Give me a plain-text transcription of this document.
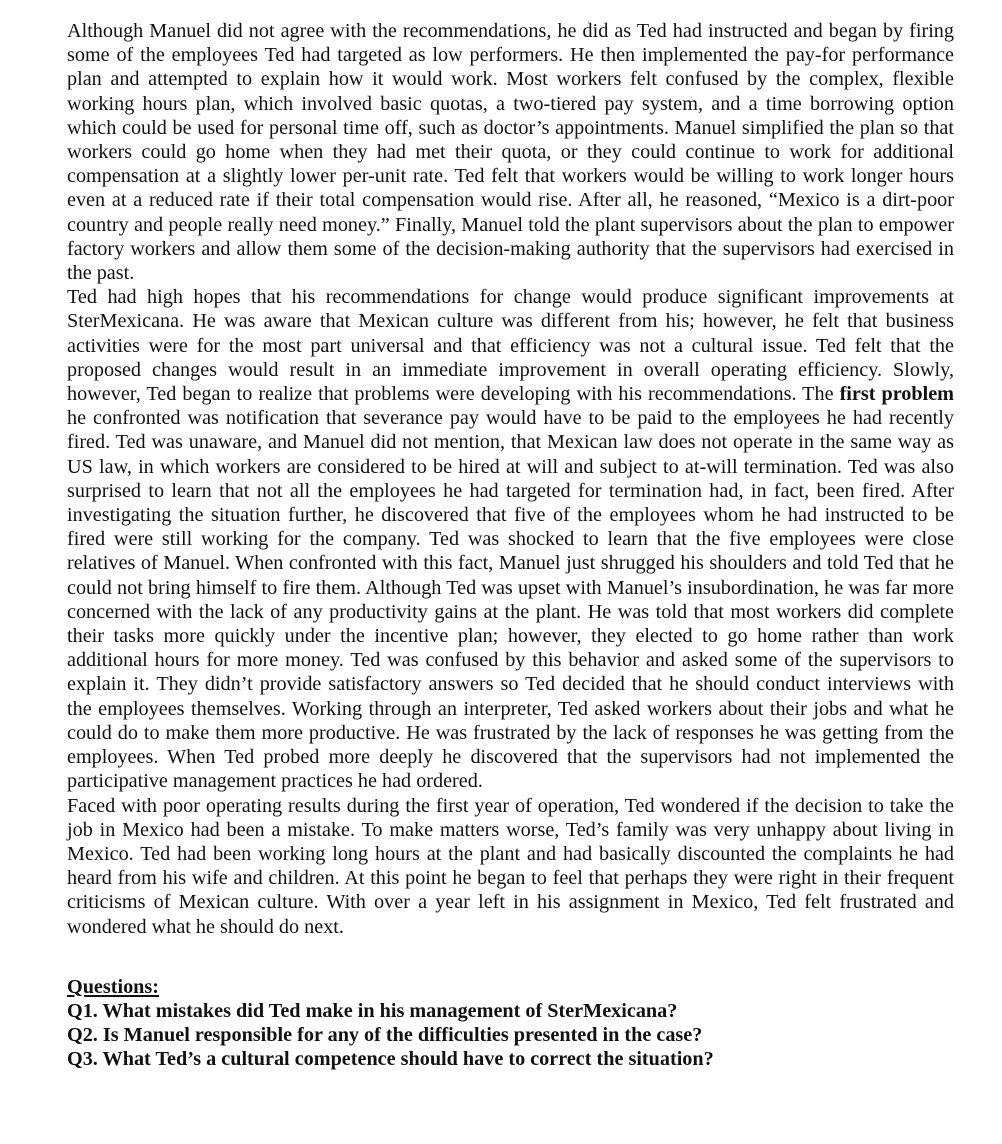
Although Manuel did not agree with the recommendations, he did as Ted had instructed and began by firing some of the employees Ted had targeted as low performers. He then implemented the pay-for performance plan and attempted to explain how it would work. Most workers felt confused by the complex, flexible working hours plan, which involved basic quotas, a two-tiered pay system, and a time borrowing option which could be used for personal time off, such as doctor’s appointments. Manuel simplified the plan so that workers could go home when they had met their quota, or they could continue to work for additional compensation at a slightly lower per-unit rate. Ted felt that workers would be willing to work longer hours even at a reduced rate if their total compensation would rise. After all, he reasoned, “Mexico is a dirt-poor country and people really need money.” Finally, Manuel told the plant supervisors about the plan to empower factory workers and allow them some of the decision-making authority that the supervisors had exercised in the past.

Ted had high hopes that his recommendations for change would produce significant improvements at SterMexicana. He was aware that Mexican culture was different from his; however, he felt that business activities were for the most part universal and that efficiency was not a cultural issue. Ted felt that the proposed changes would result in an immediate improvement in overall operating efficiency. Slowly, however, Ted began to realize that problems were developing with his recommendations. The first problem he confronted was notification that severance pay would have to be paid to the employees he had recently fired. Ted was unaware, and Manuel did not mention, that Mexican law does not operate in the same way as US law, in which workers are considered to be hired at will and subject to at-will termination. Ted was also surprised to learn that not all the employees he had targeted for termination had, in fact, been fired. After investigating the situation further, he discovered that five of the employees whom he had instructed to be fired were still working for the company. Ted was shocked to learn that the five employees were close relatives of Manuel. When confronted with this fact, Manuel just shrugged his shoulders and told Ted that he could not bring himself to fire them. Although Ted was upset with Manuel’s insubordination, he was far more concerned with the lack of any productivity gains at the plant. He was told that most workers did complete their tasks more quickly under the incentive plan; however, they elected to go home rather than work additional hours for more money. Ted was confused by this behavior and asked some of the supervisors to explain it. They didn’t provide satisfactory answers so Ted decided that he should conduct interviews with the employees themselves. Working through an interpreter, Ted asked workers about their jobs and what he could do to make them more productive. He was frustrated by the lack of responses he was getting from the employees. When Ted probed more deeply he discovered that the supervisors had not implemented the participative management practices he had ordered.

Faced with poor operating results during the first year of operation, Ted wondered if the decision to take the job in Mexico had been a mistake. To make matters worse, Ted’s family was very unhappy about living in Mexico. Ted had been working long hours at the plant and had basically discounted the complaints he had heard from his wife and children. At this point he began to feel that perhaps they were right in their frequent criticisms of Mexican culture. With over a year left in his assignment in Mexico, Ted felt frustrated and wondered what he should do next.

Questions:

Q1. What mistakes did Ted make in his management of SterMexicana?

Q2. Is Manuel responsible for any of the difficulties presented in the case?

Q3. What Ted’s a cultural competence should have to correct the situation?
